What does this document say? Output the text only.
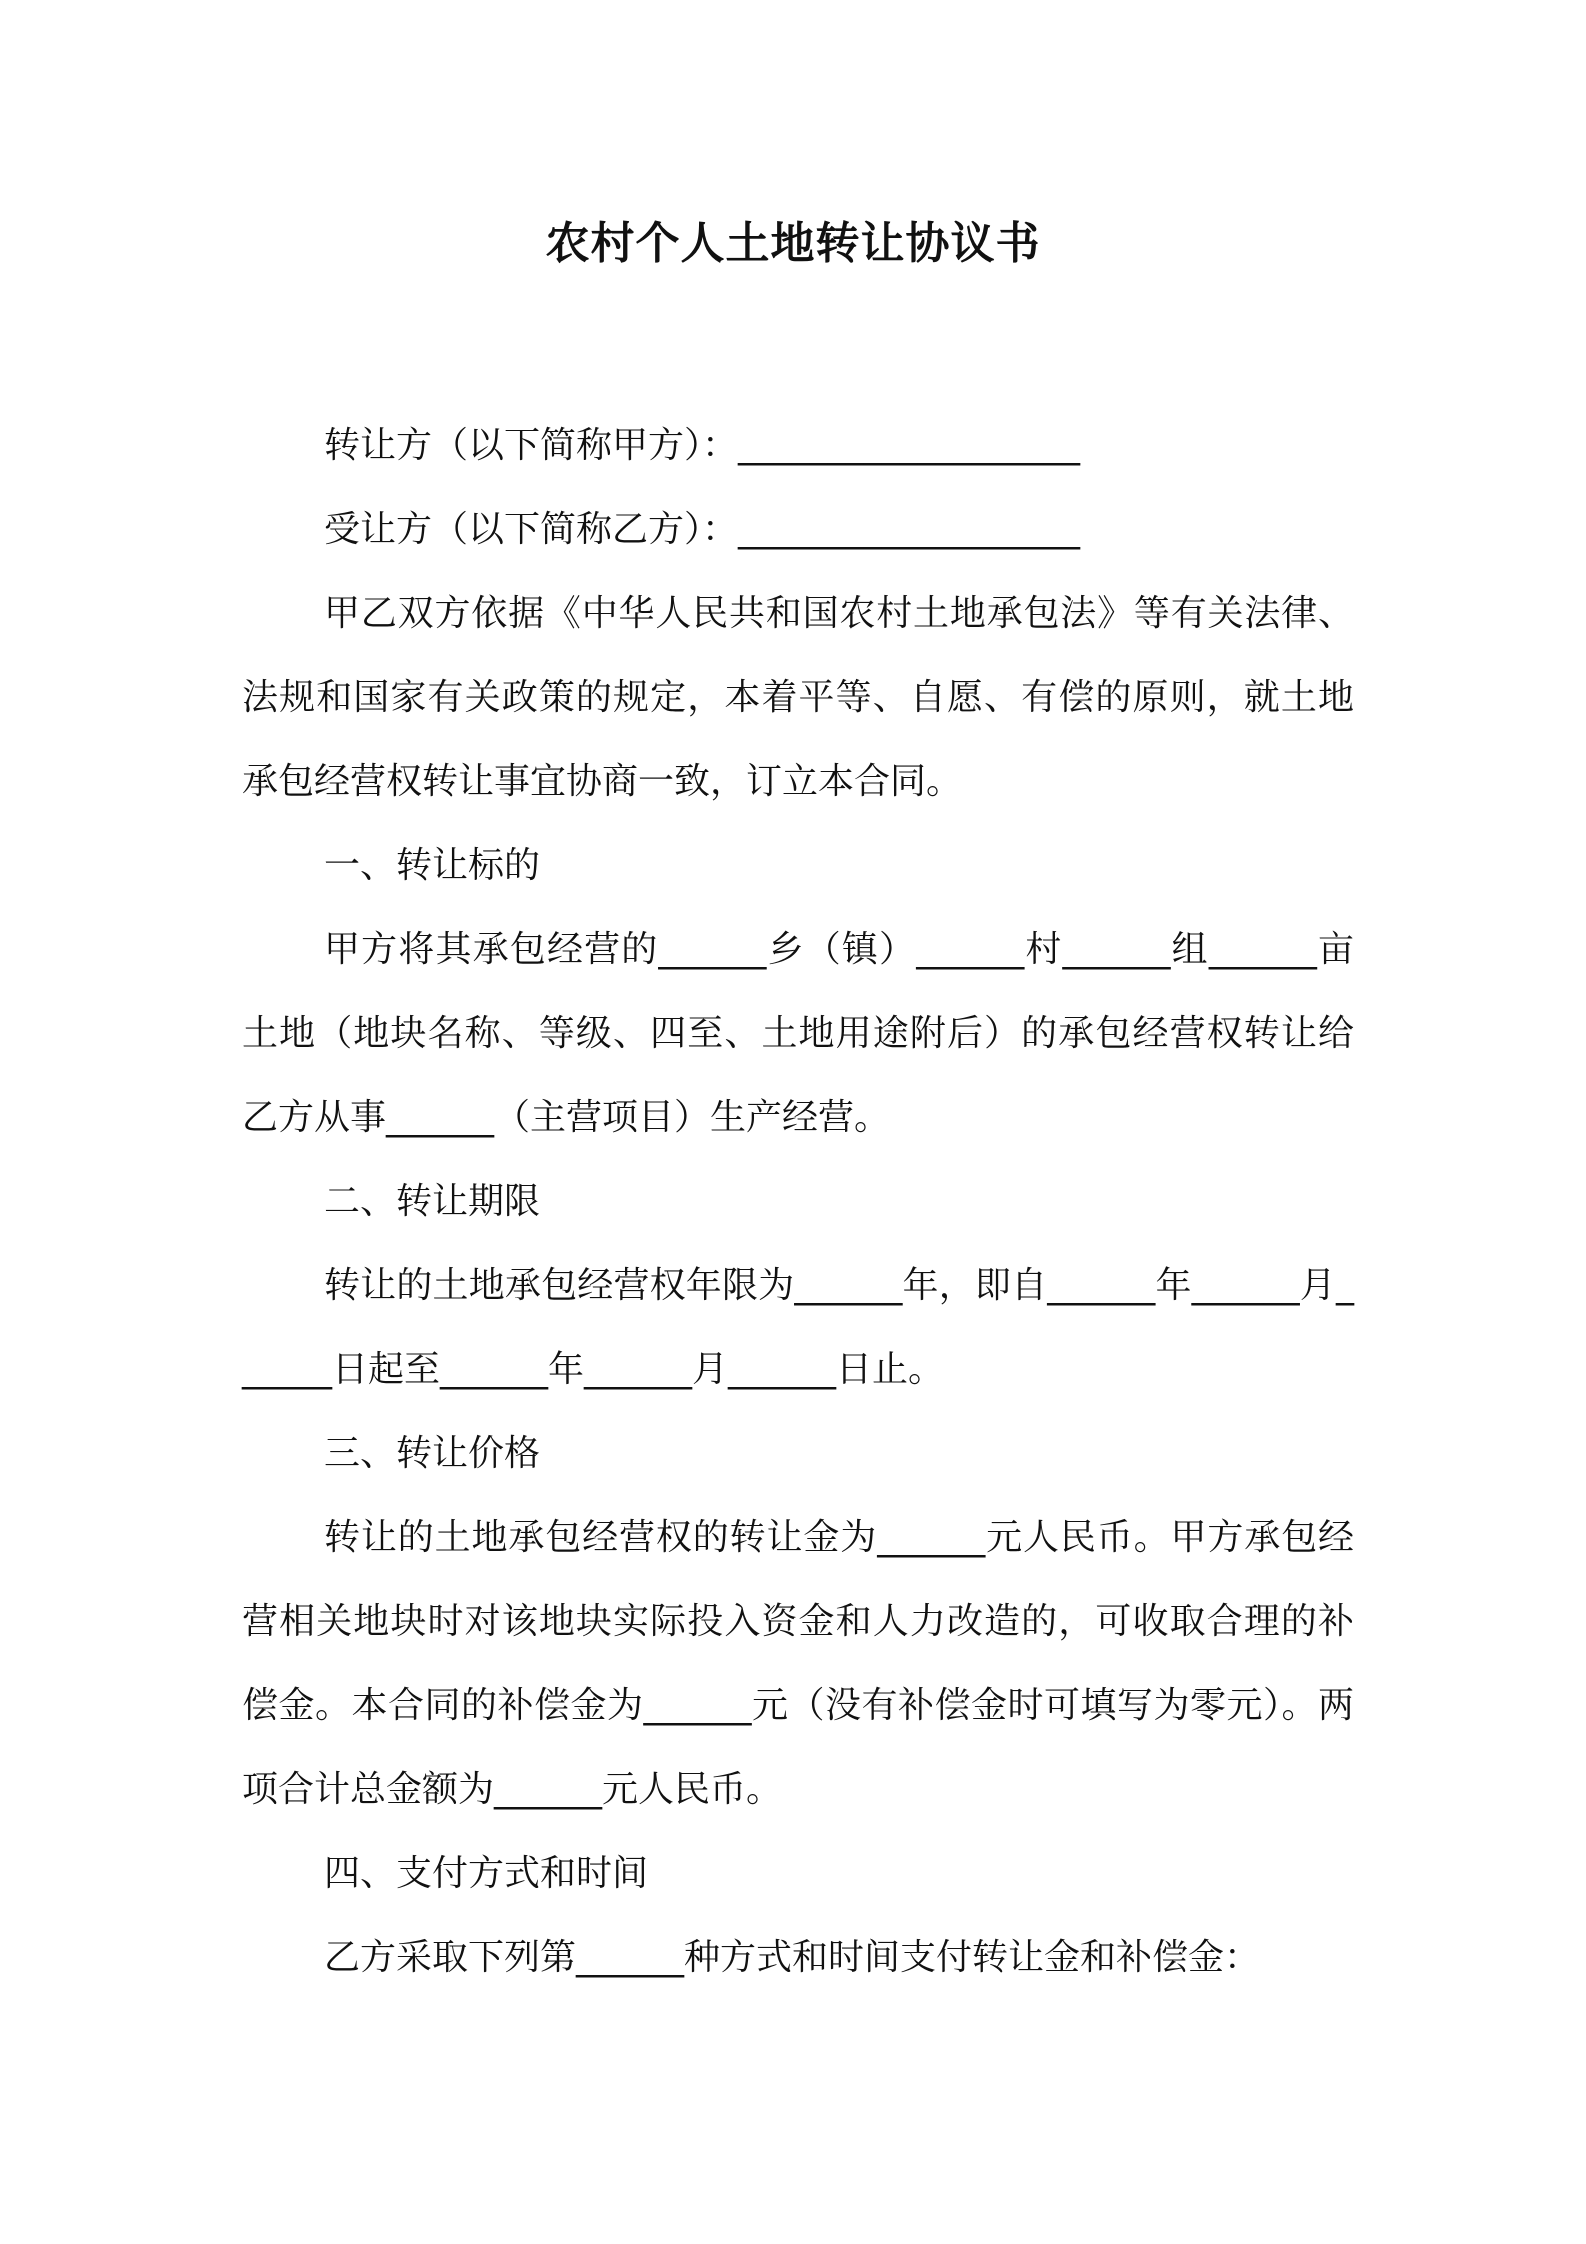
农村个人土地转让协议书
转让方（以下简称甲方）：___________________
受让方（以下简称乙方）：___________________
甲乙双方依据《中华人民共和国农村土地承包法》等有关法律、法规和国家有关政策的规定，本着平等、自愿、有偿的原则，就土地承包经营权转让事宜协商一致，订立本合同。
一、转让标的
甲方将其承包经营的______乡（镇）______村______组______亩土地（地块名称、等级、四至、土地用途附后）的承包经营权转让给乙方从事______（主营项目）生产经营。
二、转让期限
转让的土地承包经营权年限为______年，即自______年______月______日起至______年______月______日止。
三、转让价格
转让的土地承包经营权的转让金为______元人民币。甲方承包经营相关地块时对该地块实际投入资金和人力改造的，可收取合理的补偿金。本合同的补偿金为______元（没有补偿金时可填写为零元）。两项合计总金额为______元人民币。
四、支付方式和时间
乙方采取下列第______种方式和时间支付转让金和补偿金：
